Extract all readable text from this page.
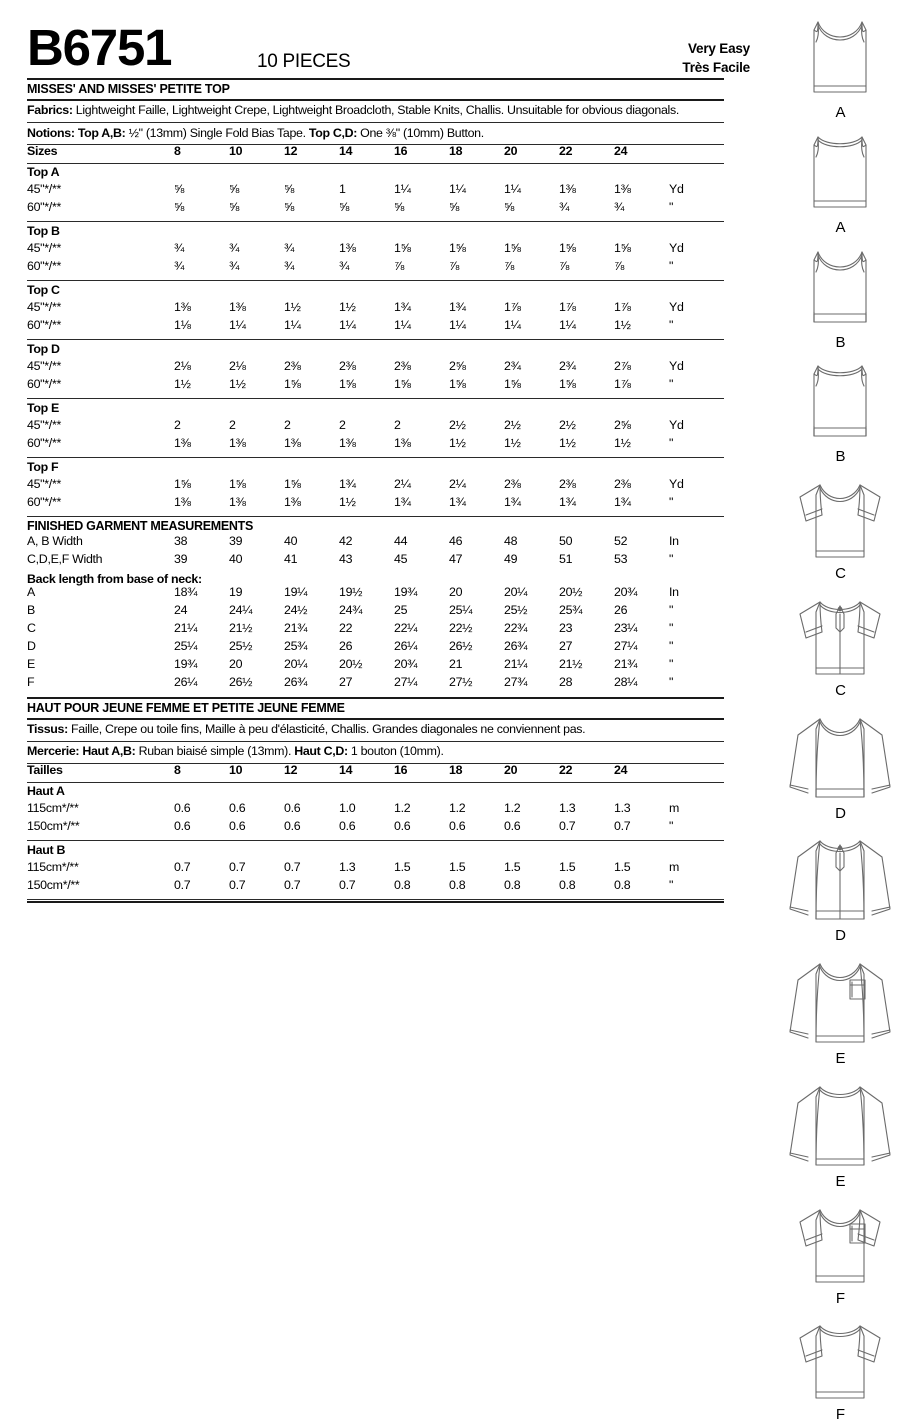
B6751	10 PIECES
Very Easy
Très Facile
MISSES' AND MISSES' PETITE TOP
Fabrics: Lightweight Faille, Lightweight Crepe, Lightweight Broadcloth, Stable Knits, Challis. Unsuitable for obvious diagonals.
Notions: Top A,B: ½" (13mm) Single Fold Bias Tape. Top C,D: One ⅜" (10mm) Button.
Sizes	8	10	12	14	16	18	20	22	24	
Top A										
45"*/**	⅝	⅝	⅝	1	1¼	1¼	1¼	1⅜	1⅜	Yd
60"*/**	⅝	⅝	⅝	⅝	⅝	⅝	⅝	¾	¾	"
Top B										
45"*/**	¾	¾	¾	1⅜	1⅝	1⅝	1⅝	1⅝	1⅝	Yd
60"*/**	¾	¾	¾	¾	⅞	⅞	⅞	⅞	⅞	"
Top C										
45"*/**	1⅜	1⅜	1½	1½	1¾	1¾	1⅞	1⅞	1⅞	Yd
60"*/**	1⅛	1¼	1¼	1¼	1¼	1¼	1¼	1¼	1½	"
Top D										
45"*/**	2⅛	2⅛	2⅜	2⅜	2⅜	2⅝	2¾	2¾	2⅞	Yd
60"*/**	1½	1½	1⅝	1⅝	1⅝	1⅝	1⅝	1⅝	1⅞	"
Top E										
45"*/**	2	2	2	2	2	2½	2½	2½	2⅝	Yd
60"*/**	1⅜	1⅜	1⅜	1⅜	1⅜	1½	1½	1½	1½	"
Top F										
45"*/**	1⅝	1⅝	1⅝	1¾	2¼	2¼	2⅜	2⅜	2⅜	Yd
60"*/**	1⅜	1⅜	1⅜	1½	1¾	1¾	1¾	1¾	1¾	"
FINISHED GARMENT MEASUREMENTS
A, B Width	38	39	40	42	44	46	48	50	52	In
C,D,E,F Width	39	40	41	43	45	47	49	51	53	"
Back length from base of neck:
A	18¾	19	19¼	19½	19¾	20	20¼	20½	20¾	In
B	24	24¼	24½	24¾	25	25¼	25½	25¾	26	"
C	21¼	21½	21¾	22	22¼	22½	22¾	23	23¼	"
D	25¼	25½	25¾	26	26¼	26½	26¾	27	27¼	"
E	19¾	20	20¼	20½	20¾	21	21¼	21½	21¾	"
F	26¼	26½	26¾	27	27¼	27½	27¾	28	28¼	"
HAUT POUR JEUNE FEMME ET PETITE JEUNE FEMME
Tissus: Faille, Crepe ou toile fins, Maille à peu d'élasticité, Challis. Grandes diagonales ne conviennent pas.
Mercerie: Haut A,B: Ruban biaisé simple (13mm). Haut C,D: 1 bouton (10mm).
Tailles	8	10	12	14	16	18	20	22	24	
Haut A										
115cm*/**	0.6	0.6	0.6	1.0	1.2	1.2	1.2	1.3	1.3	m
150cm*/**	0.6	0.6	0.6	0.6	0.6	0.6	0.6	0.7	0.7	"
Haut B										
115cm*/**	0.7	0.7	0.7	1.3	1.5	1.5	1.5	1.5	1.5	m
150cm*/**	0.7	0.7	0.7	0.7	0.8	0.8	0.8	0.8	0.8	"
A
A
B
B
C
C
D
D
E
E
F
F
